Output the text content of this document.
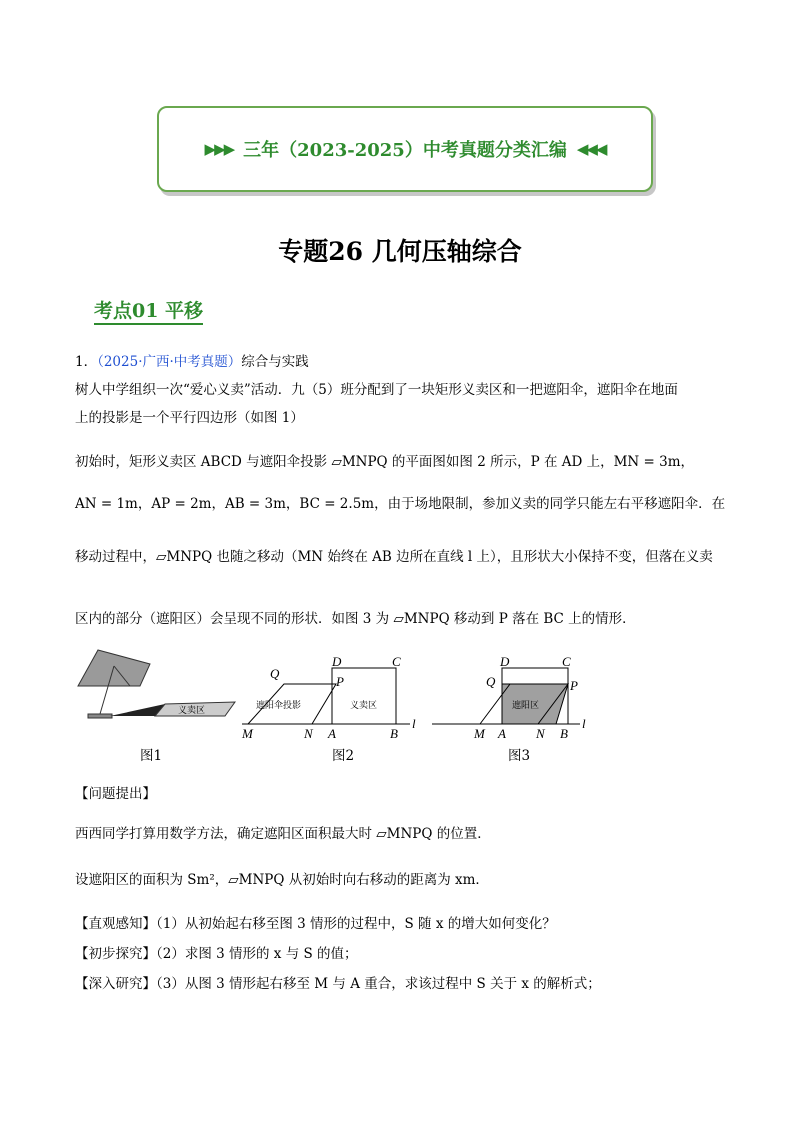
▶▶▶ 三年（2023-2025）中考真题分类汇编 ◀◀◀
专题26 几何压轴综合
考点01 平移
1．（2025·广西·中考真题）综合与实践
树人中学组织一次“爱心义卖”活动．九（5）班分配到了一块矩形义卖区和一把遮阳伞，遮阳伞在地面
上的投影是一个平行四边形（如图 1）
初始时，矩形义卖区 ABCD 与遮阳伞投影 ▱MNPQ 的平面图如图 2 所示，P 在 AD 上，MN = 3m，
AN = 1m，AP = 2m，AB = 3m，BC = 2.5m，由于场地限制，参加义卖的同学只能左右平移遮阳伞．在
移动过程中，▱MNPQ 也随之移动（MN 始终在 AB 边所在直线 l 上），且形状大小保持不变，但落在义卖
区内的部分（遮阳区）会呈现不同的形状．如图 3 为 ▱MNPQ 移动到 P 落在 BC 上的情形．
义卖区	遮阳伞投影	义卖区
Q
D	C
P
M	N A	B
l
遮阳区
Q
D	C
P
M A N B
l
图1	图2	图3
【问题提出】
西西同学打算用数学方法，确定遮阳区面积最大时 ▱MNPQ 的位置．
设遮阳区的面积为 Sm²，▱MNPQ 从初始时向右移动的距离为 xm．
【直观感知】（1）从初始起右移至图 3 情形的过程中，S 随 x 的增大如何变化？
【初步探究】（2）求图 3 情形的 x 与 S 的值；
【深入研究】（3）从图 3 情形起右移至 M 与 A 重合，求该过程中 S 关于 x 的解析式；
